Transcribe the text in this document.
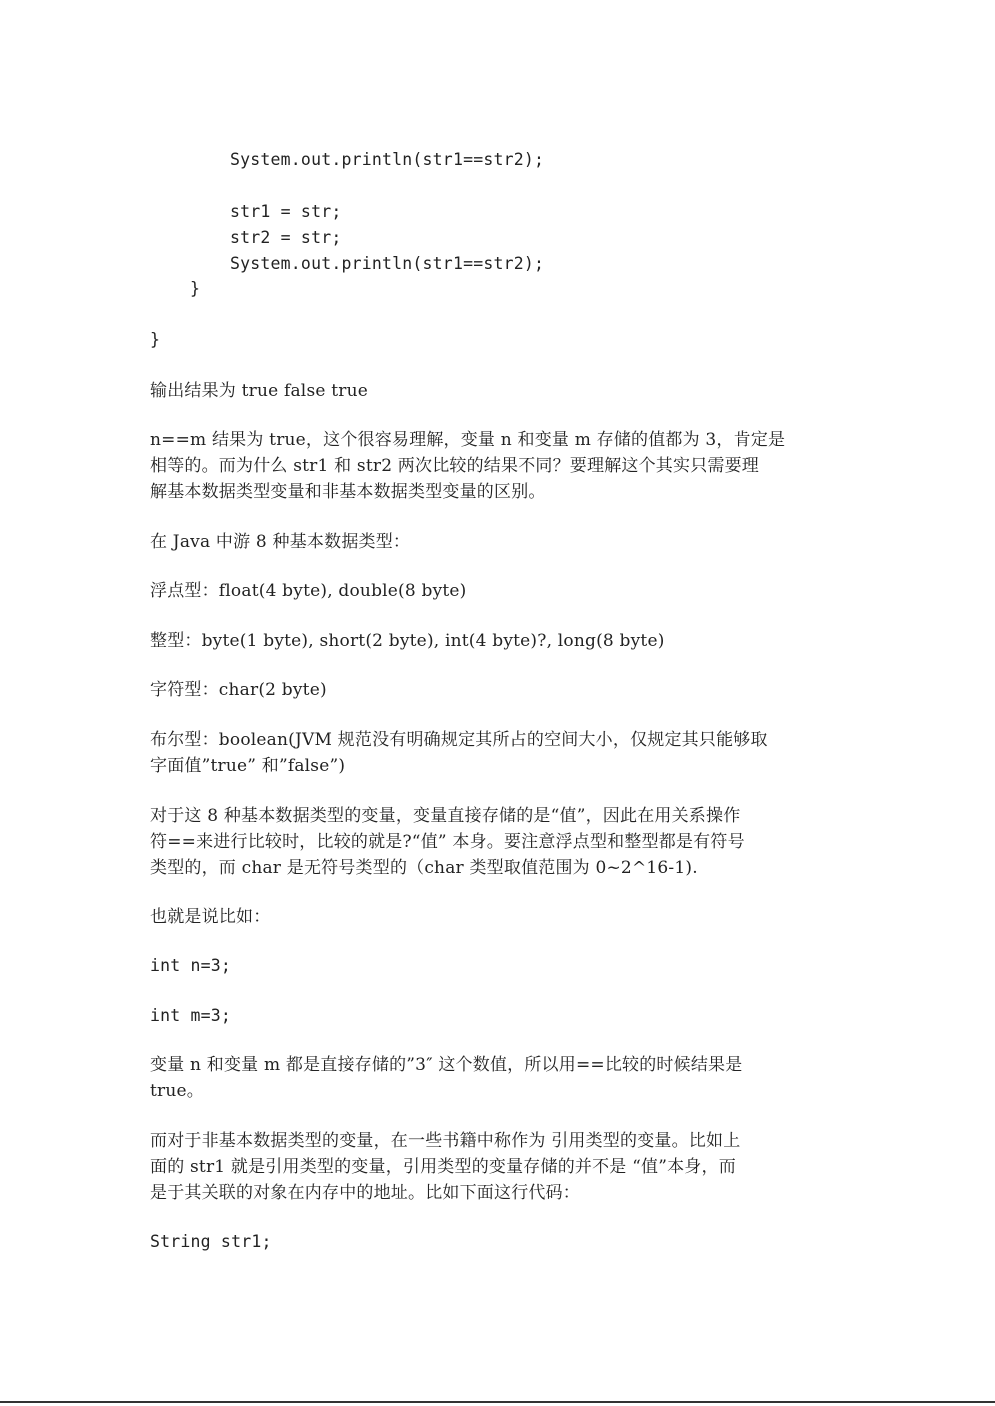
System.out.println(str1==str2);
str1 = str;
str2 = str;
System.out.println(str1==str2);
}
}
输出结果为 true false true
n==m 结果为 true，这个很容易理解，变量 n 和变量 m 存储的值都为 3，肯定是
相等的。而为什么 str1 和 str2 两次比较的结果不同？要理解这个其实只需要理
解基本数据类型变量和非基本数据类型变量的区别。
在 Java 中游 8 种基本数据类型：
浮点型：float(4 byte), double(8 byte)
整型：byte(1 byte), short(2 byte), int(4 byte)?, long(8 byte)
字符型：char(2 byte)
布尔型：boolean(JVM 规范没有明确规定其所占的空间大小，仅规定其只能够取
字面值”true” 和”false”)
对于这 8 种基本数据类型的变量，变量直接存储的是“值”，因此在用关系操作
符==来进行比较时，比较的就是?“值” 本身。要注意浮点型和整型都是有符号
类型的，而 char 是无符号类型的（char 类型取值范围为 0~2^16-1).
也就是说比如：
int n=3;
int m=3;
变量 n 和变量 m 都是直接存储的”3″ 这个数值，所以用==比较的时候结果是
true。
而对于非基本数据类型的变量，在一些书籍中称作为 引用类型的变量。比如上
面的 str1 就是引用类型的变量，引用类型的变量存储的并不是 “值”本身，而
是于其关联的对象在内存中的地址。比如下面这行代码：
String str1;
